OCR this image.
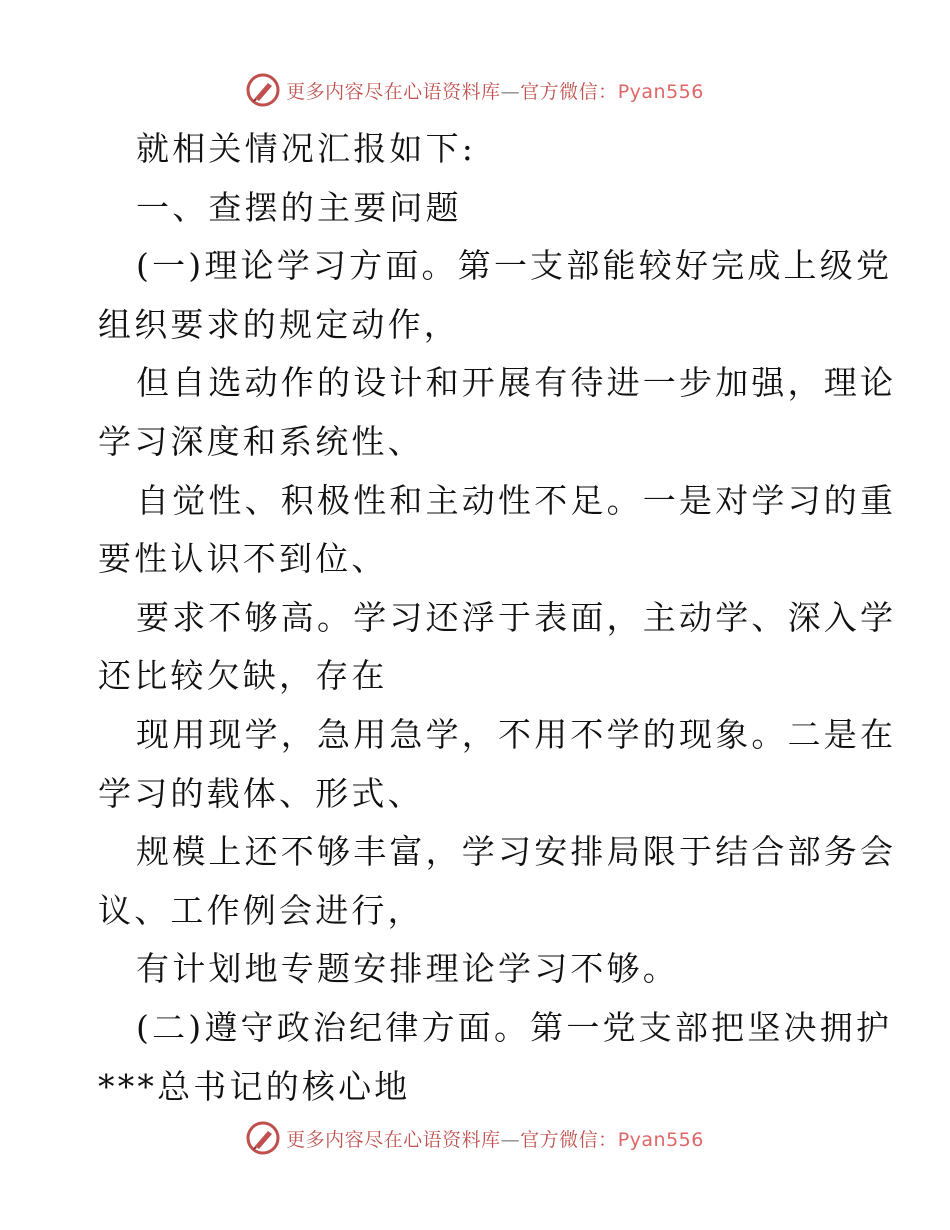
更多内容尽在心语资料库—官方微信：Pyan556
就相关情况汇报如下:
一、查摆的主要问题
(一)理论学习方面。第一支部能较好完成上级党
组织要求的规定动作，
但自选动作的设计和开展有待进一步加强，理论
学习深度和系统性、
自觉性、积极性和主动性不足。一是对学习的重
要性认识不到位、
要求不够高。学习还浮于表面，主动学、深入学
还比较欠缺，存在
现用现学，急用急学，不用不学的现象。二是在
学习的载体、形式、
规模上还不够丰富，学习安排局限于结合部务会
议、工作例会进行，
有计划地专题安排理论学习不够。
(二)遵守政治纪律方面。第一党支部把坚决拥护
***总书记的核心地
更多内容尽在心语资料库—官方微信：Pyan556
